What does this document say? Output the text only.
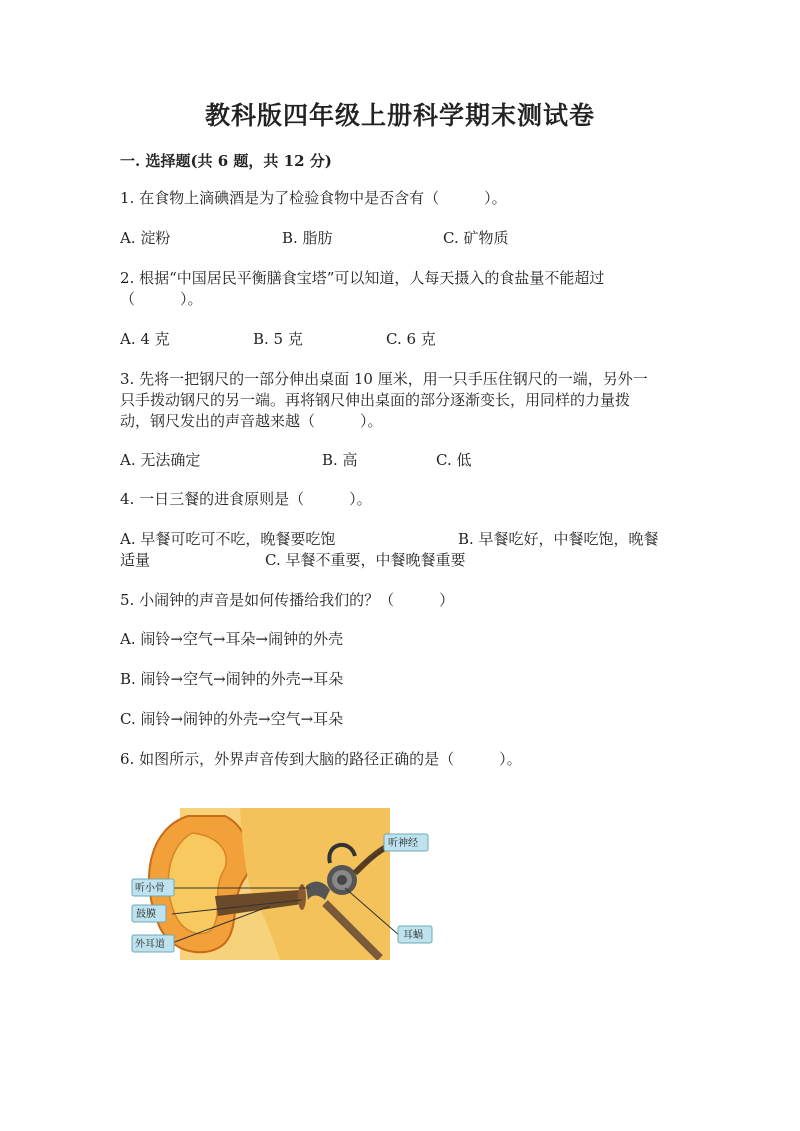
教科版四年级上册科学期末测试卷
一. 选择题(共 6 题，共 12 分)
1. 在食物上滴碘酒是为了检验食物中是否含有（　　　）。
A. 淀粉	B. 脂肪	C. 矿物质
2. 根据“中国居民平衡膳食宝塔”可以知道，人每天摄入的食盐量不能超过
（　　　）。
A. 4 克	B. 5 克	C. 6 克
3. 先将一把钢尺的一部分伸出桌面 10 厘米，用一只手压住钢尺的一端，另外一
只手拨动钢尺的另一端。再将钢尺伸出桌面的部分逐渐变长，用同样的力量拨
动，钢尺发出的声音越来越（　　　）。
A. 无法确定	B. 高	C. 低
4. 一日三餐的进食原则是（　　　）。
A. 早餐可吃可不吃，晚餐要吃饱	B. 早餐吃好，中餐吃饱，晚餐
适量	C. 早餐不重要，中餐晚餐重要
5. 小闹钟的声音是如何传播给我们的？（　　　）
A. 闹铃→空气→耳朵→闹钟的外壳
B. 闹铃→空气→闹钟的外壳→耳朵
C. 闹铃→闹钟的外壳→空气→耳朵
6. 如图所示，外界声音传到大脑的路径正确的是（　　　）。
听神经
听小骨
鼓膜
外耳道
耳蜗
